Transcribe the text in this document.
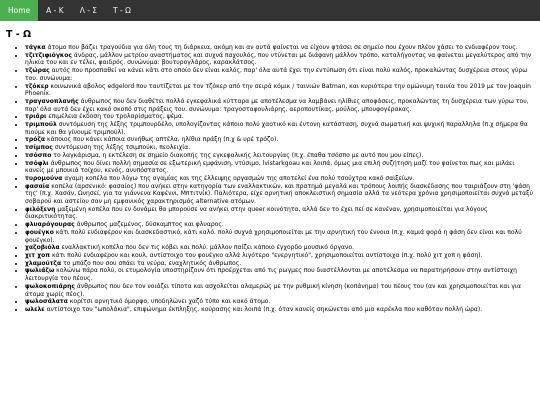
Home	Α - Κ	Λ - Σ	Τ - Ω
Τ - Ω
• τάγκα άτομο που βάζει τραγούδια για όλη τους τη διάρκεια, ακόμη και αν αυτά φαίνεται να είχουν φτάσει σε σημείο που έχουν πλέον χάσει το ενδιαφέρον τους.
• τζιτζιφιόγκος άνδρας, μάλλον μετρίου αναστήματος και συχνά παχουλός, που ντύνεται με διάφανη μάλλον τρόπο, καταλήγοντας να φαίνεται μεγαλύτερος από την ηλικία του και εν τέλει, φαιδρός. συνώνυμα: βουτυρογλάρος, καρακλάτσος.
• τζώρας αυτός που προσπαθεί να κάνει κάτι στο οποίο δεν είναι καλός, παρ' όλα αυτά έχει την εντύπωση ότι είναι πολύ καλός, προκαλώντας δυσχέρεια στους γύρω του. συνώνυμα:
• τζόκερ κοινωνικά αβολος edgelord που ταυτίζεται με τον τζόκερ από την σειρά κόμικ / ταινιών Batman, και κυριότερα την ομώνυμη ταινία του 2019 με τον Joaquin Phoenix.
• τραγανοπλανής άνθρωπος που δεν διαθέτει πολλά εγκεφαλικά κύτταρα με αποτέλεσμα να λαμβάνει ηλίθιες αποφάσεις, προκαλώντας τη δυσχέρεια των γύρω του, παρ' όλα αυτά δεν έχει κακό σκοπό στις πράξεις του. συνώνυμα: τραγοσταφουλιάρης, αεροπουτίκας, μούλος, μπουφογέρακας.
• τριάρι επιμέλεια έκδοση του τρολαρίσματος, ψέμα.
• τριμπούλ συντόμευση της λέξης τριμπουρδέλο, υπολογίζοντας κάποιο πολύ χαοτικό και έντονη κατάσταση, συχνά σωματική και ψυχική παραλληλα (π.χ σήμερα θα πιούμε και θα γίνουμε τριμπούλ).
• τρόζα κάποιος που κάνει κάποια συνήθως απτέλα, ηλίθια πράξη (π.χ & υρέ τρόζο).
• τσίμπος συντόμευση της λέξης τσιμπούκι, πεολειχία.
• τσόσπο το λαγκάρισμα, η εκτέλεση σε σημείο διακοπής της εγκεφαλικής λειτουργίας (π.χ. έπαθα τσόσπο με αυτό που μου είπες).
• τσόφλι άνθρωπος που δίνει πολλή σημασία σε εξωτερική εμφάνιση, ντύσιμο, lvistarkgoau και λοιπά, όμως μια επιλή συζήτηση μαζί του φαίνεται πως και μιλάει κανείς με μποικιά τοίχου, κενός, ανυπόστατος.
• τυρομούνα αγαμη κοπέλα που λόγω της αγαμίας και της έλλειψης οργασμών της αποτελεί ένα πολύ τσούχτρα κακό σαιξείων.
• φασαία κοπέλα (αρσενικό: φασαίος) που ανήκει στην κατηγορία των εναλλακτικών, και πρατημά μεγαλά και τρόπους λοιπής διασκέδασης που ταιριάζουν στη 'φάση της' (π.χ. Χασάν, Ωνησεί, για τα γιάννενα Καφέννι, Μπτιτνίκ). Παλιότερα, είχε αρνητική αποκλειστική σημασία αλλά τα νεότερα χρόνια χρησιμοποιείται συχνά μεταξύ σοβαρού και αστείου σαν μη εμφανικός χαρακτηρισμός alternative ατόμων.
• φιλόξενη μαξεμένη κοπέλα που εν δυνάμει θα μπορούσε να ανήκει στην queer κοινότητα, αλλά δεν το έχει πεί σε κανέναν, χρησιμοποιείται για λόγους διακριτικότητας.
• φλυαρόγουρας άνθρωπος μαζεμένος, δύσκαμπτος και φλυαρος.
• φουέγκο κάτι πολύ ενδιαφέρον και διασκεδαστικό, κάτι καλό. πολύ συχνά χρησιμοποιείται με την αρνητική του έννοια (π.χ. καμιά φορά η φάση δεν είναι και πολύ φουέγκο).
• χαζοβιόλα εναλλακτική κοπέλα που δεν τις κόβει και πολύ. μάλλον παίζει κάποιο έγχορδο μουσικό όργανο.
• χιτ χοπ κάτι πολύ ενδιαφέρον και κουλ, αντίστοιχο του φουέγκο αλλά λιγότερο "ενεργητικό", χρησιμοποιείται αντίστοιχα (π.χ. πολύ χιτ χοπ η φάση).
• χλαμούτζα το μπάζο που σου σπάει τα νεύρα, εναχλητικός άνθρωπος.
• ψωλιάζω κολώνω πάρα πολύ, οι ετυμολογία υποστηρίζουν ότι προέρχεται από τις ρωγμες που διαστέλλονται με αποτέλεσμα να παρατηρήσουν στην αντίστοιχη λειτουργία του πέους.
• ψωλοκοπιάρης άνθρωπος που δεν τον νοιάζει τίποτα και ασχολείται αλαμερώς με την ρυθμική κίνηση (κοπάνημα) του πέους του (αν και χρησιμοποιείται και για άτομα χωρίς πέος).
• ψωλοσάλατα κορίτσι αρνητικό όμορφο, υποδηλώνει χαζό τύπο και κακό άτομο.
• ωλελε αντίστοιχο του "ωπολάκια", επιφώνημα έκπληξης, κούρασης και λοιπά (π.χ. όταν κανείς σηκώνεται από μια καρέκλα που καθόταν πολλή ώρα).
